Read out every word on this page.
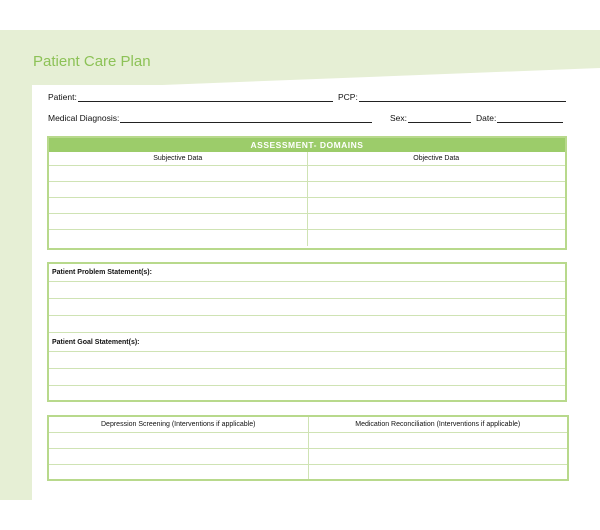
Patient Care Plan
Patient:	PCP:
Medical Diagnosis:	Sex:	Date:
ASSESSMENT- DOMAINS
Subjective Data	Objective Data
Patient Problem Statement(s):
Patient Goal Statement(s):
Depression Screening (Interventions if applicable)	Medication Reconciliation (Interventions if applicable)
